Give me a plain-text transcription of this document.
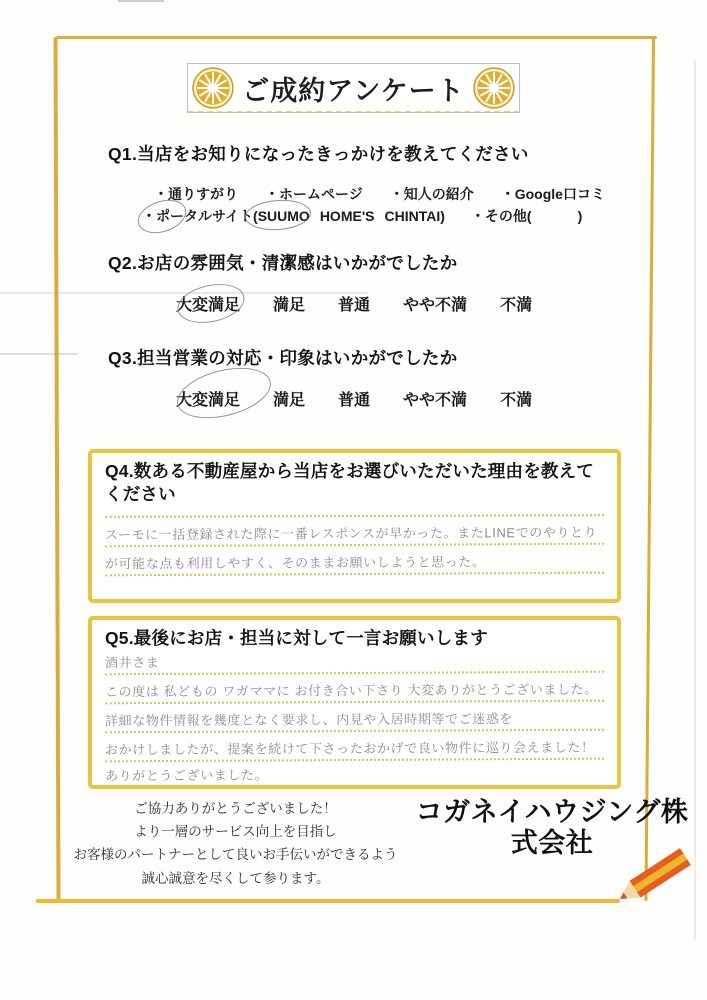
ご成約アンケート
Q1.当店をお知りになったきっかけを教えてください
・通りすがり ・ホームページ ・知人の紹介 ・Google口コミ
・ポータルサイト(SUUMO HOME'S CHINTAI) ・その他(	)
Q2.お店の雰囲気・清潔感はいかがでしたか
大変満足 満足 普通 やや不満 不満
Q3.担当営業の対応・印象はいかがでしたか
大変満足 満足 普通 やや不満 不満
Q4.数ある不動産屋から当店をお選びいただいた理由を教えてください
スーモに一括登録された際に一番レスポンスが早かった。またLINEでのやりとり
が可能な点も利用しやすく、そのままお願いしようと思った。
Q5.最後にお店・担当に対して一言お願いします
酒井さま
この度は 私どもの ワガママに お付き合い下さり 大変ありがとうございました。
詳細な物件情報を幾度となく要求し、内見や入居時期等でご迷惑を
おかけしましたが、提案を続けて下さったおかげで良い物件に巡り会えました！
ありがとうございました。
ご協力ありがとうございました！
より一層のサービス向上を目指し
お客様のパートナーとして良いお手伝いができるよう
誠心誠意を尽くして参ります。
コガネイハウジング株
式会社
